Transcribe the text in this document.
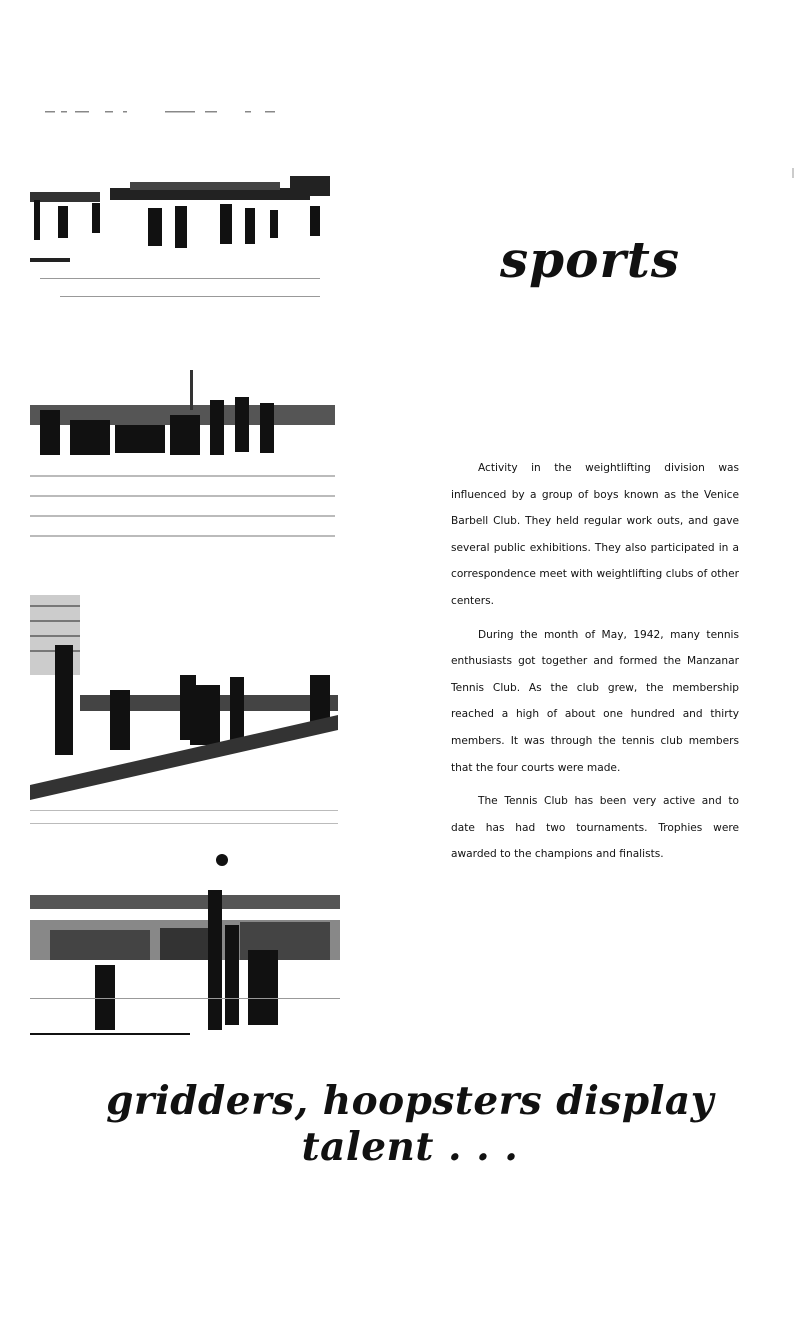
sports

Activity in the weightlifting division was influenced by a group of boys known as the Venice Barbell Club. They held regular work outs, and gave several public exhibitions. They also participated in a correspondence meet with weightlifting clubs of other centers.

During the month of May, 1942, many tennis enthusiasts got together and formed the Manzanar Tennis Club. As the club grew, the membership reached a high of about one hundred and thirty members. It was through the tennis club members that the four courts were made.

The Tennis Club has been very active and to date has had two tournaments. Trophies were awarded to the champions and finalists.

gridders, hoopsters display talent . . .
